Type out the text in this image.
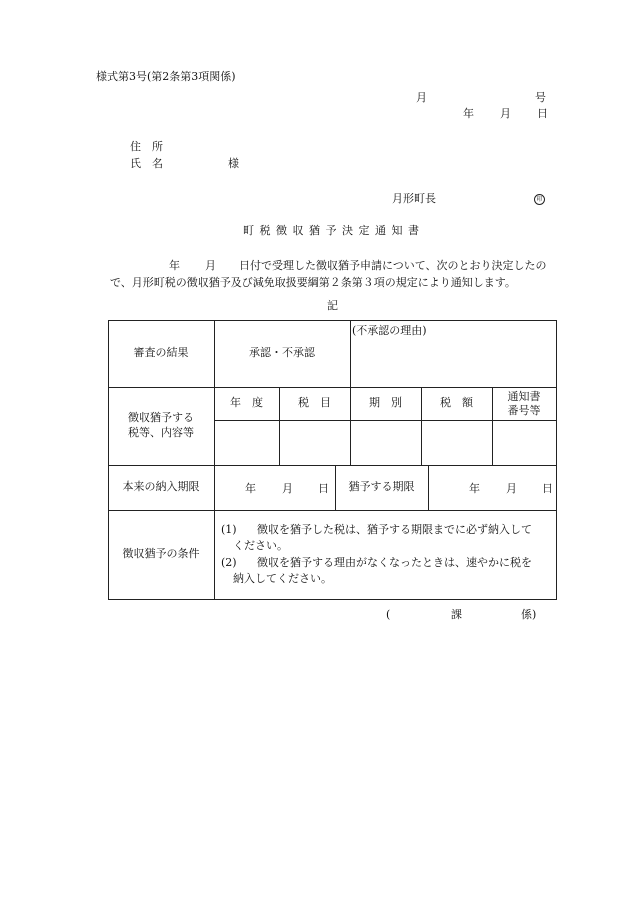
様式第3号(第2条第3項関係)
月	号
年 月 日
住　所
氏　名	様
月形町長	印
町税徴収猶予決定通知書
年 月 日付で受理した徴収猶予申請について、次のとおり決定したの
で、月形町税の徴収猶予及び減免取扱要綱第２条第３項の規定により通知します。
記
審査の結果	承認・不承認
(不承認の理由)
徴収猶予する
税等、内容等
年　度	税　目	期　別	税　額	通知書
番号等
本来の納入期限	年 月 日	猶予する期限	年 月 日
徴収猶予の条件
(1) 徴収を猶予した税は、猶予する期限までに必ず納入して
ください。
(2) 徴収を猶予する理由がなくなったときは、速やかに税を
納入してください。
(	課	係)
